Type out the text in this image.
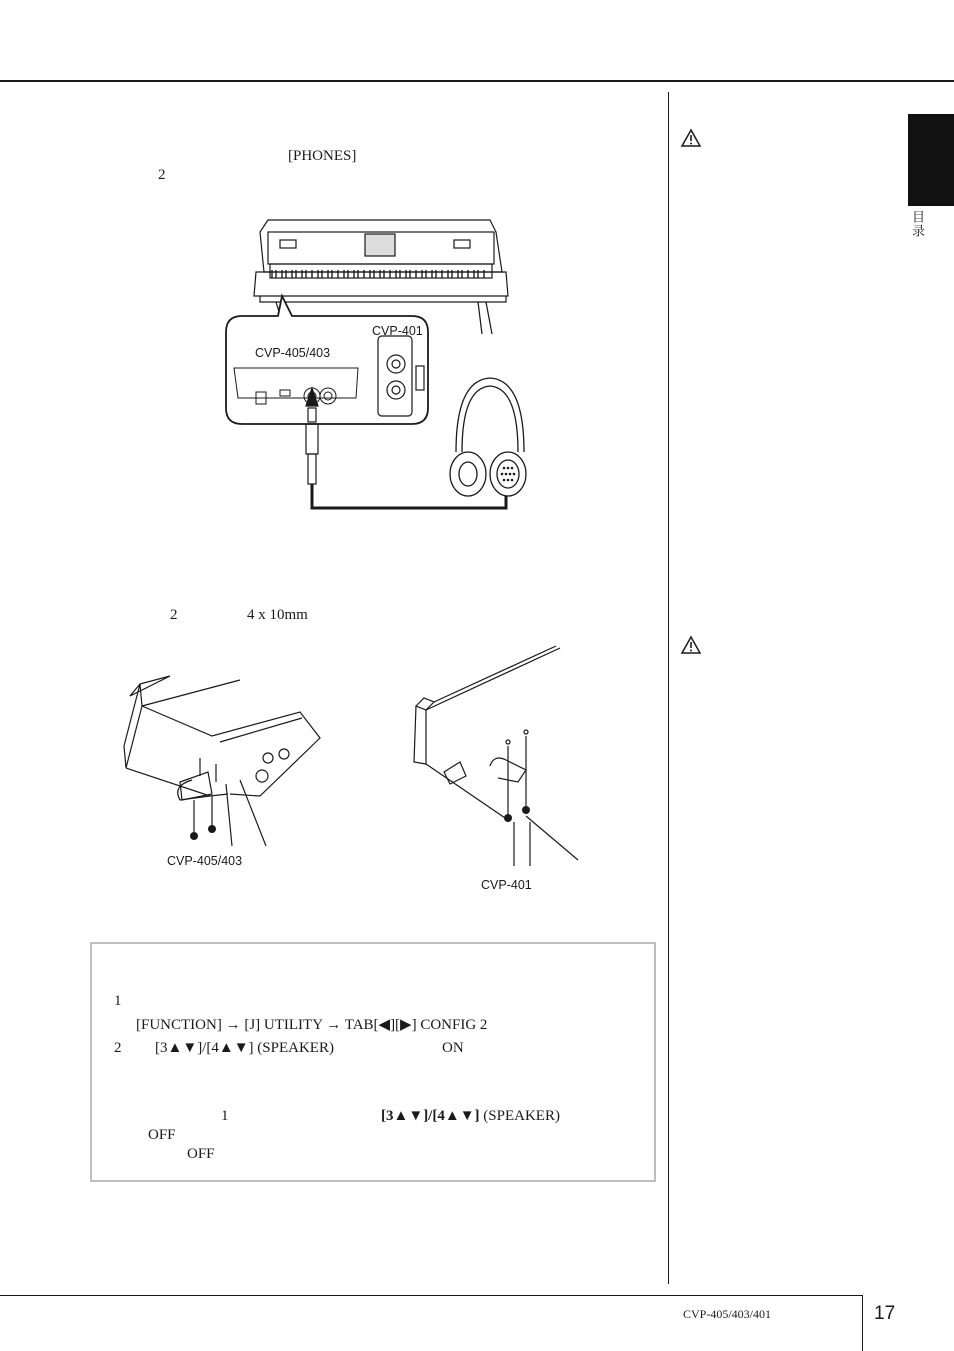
目录
[PHONES]
2
CVP-405/403
CVP-401
2	4 x 10mm
CVP-405/403
CVP-401
1
[FUNCTION] → [J] UTILITY → TAB[◀][▶] CONFIG 2
2 [3▲▼]/[4▲▼] (SPEAKER)	ON
1	[3▲▼]/[4▲▼] (SPEAKER)
OFF
OFF
CVP-405/403/401	17
